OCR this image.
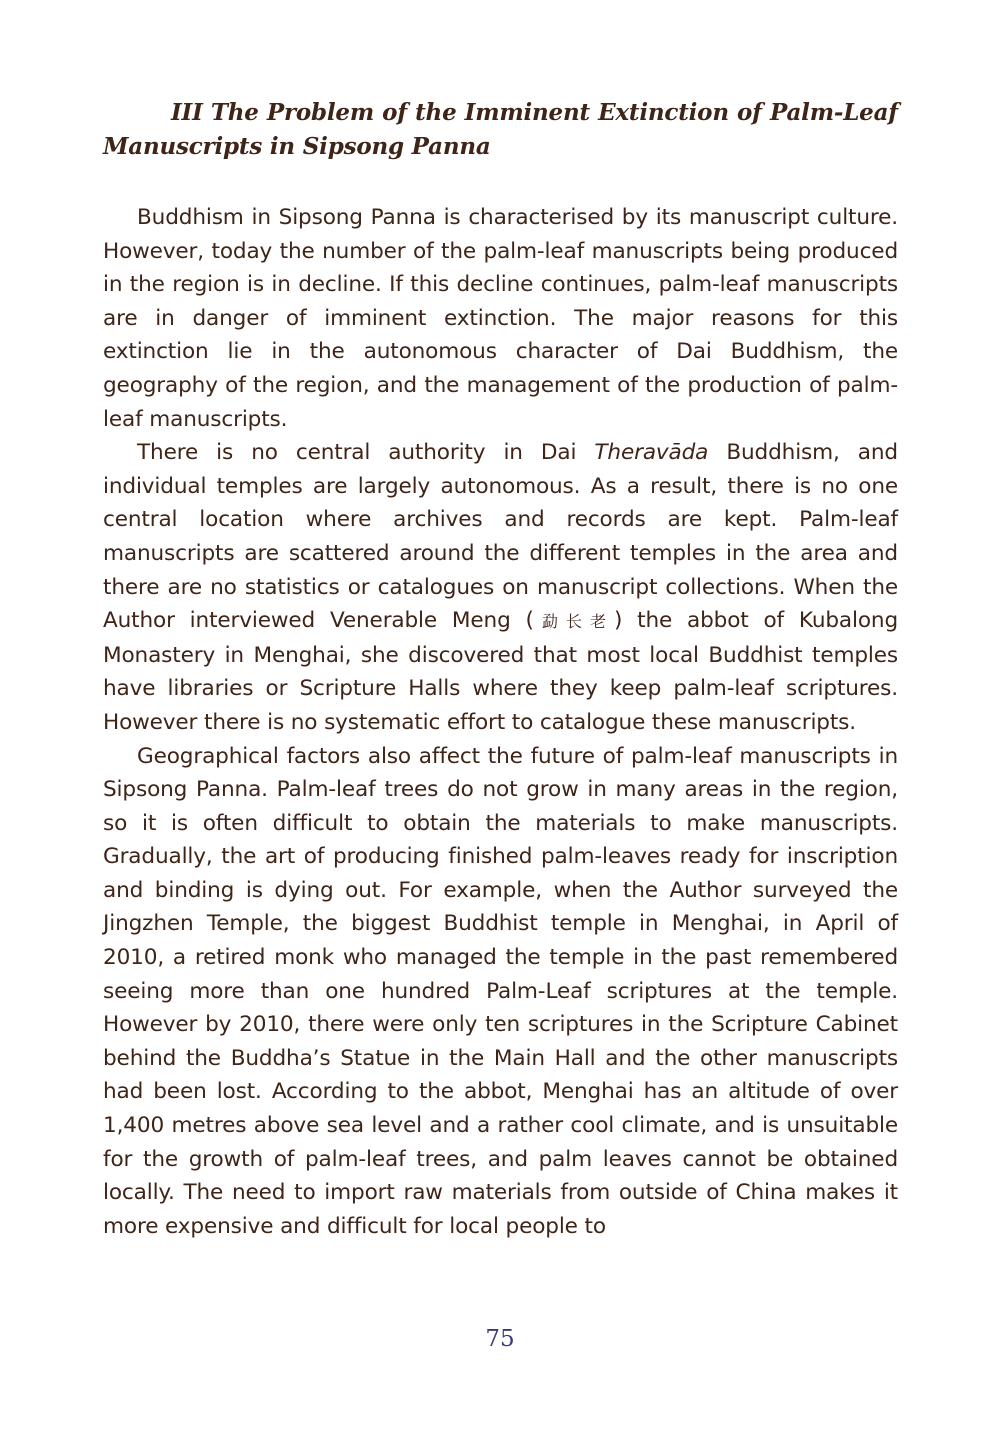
III The Problem of the Imminent Extinction of Palm-Leaf Manuscripts in Sipsong Panna

Buddhism in Sipsong Panna is characterised by its manuscript culture. However, today the number of the palm-leaf manuscripts being produced in the region is in decline. If this decline continues, palm-leaf manuscripts are in danger of imminent extinction. The major reasons for this extinction lie in the autonomous character of Dai Buddhism, the geography of the region, and the management of the production of palm-leaf manuscripts.

There is no central authority in Dai Theravāda Buddhism, and individual temples are largely autonomous. As a result, there is no one central location where archives and records are kept. Palm-leaf manuscripts are scattered around the different temples in the area and there are no statistics or catalogues on manuscript collections. When the Author interviewed Venerable Meng (勐长老) the abbot of Kubalong Monastery in Menghai, she discovered that most local Buddhist temples have libraries or Scripture Halls where they keep palm-leaf scriptures. However there is no systematic effort to catalogue these manuscripts.

Geographical factors also affect the future of palm-leaf manuscripts in Sipsong Panna. Palm-leaf trees do not grow in many areas in the region, so it is often difficult to obtain the materials to make manuscripts. Gradually, the art of producing finished palm-leaves ready for inscription and binding is dying out. For example, when the Author surveyed the Jingzhen Temple, the biggest Buddhist temple in Menghai, in April of 2010, a retired monk who managed the temple in the past remembered seeing more than one hundred Palm-Leaf scriptures at the temple. However by 2010, there were only ten scriptures in the Scripture Cabinet behind the Buddha’s Statue in the Main Hall and the other manuscripts had been lost. According to the abbot, Menghai has an altitude of over 1,400 metres above sea level and a rather cool climate, and is unsuitable for the growth of palm-leaf trees, and palm leaves cannot be obtained locally. The need to import raw materials from outside of China makes it more expensive and difficult for local people to

75
